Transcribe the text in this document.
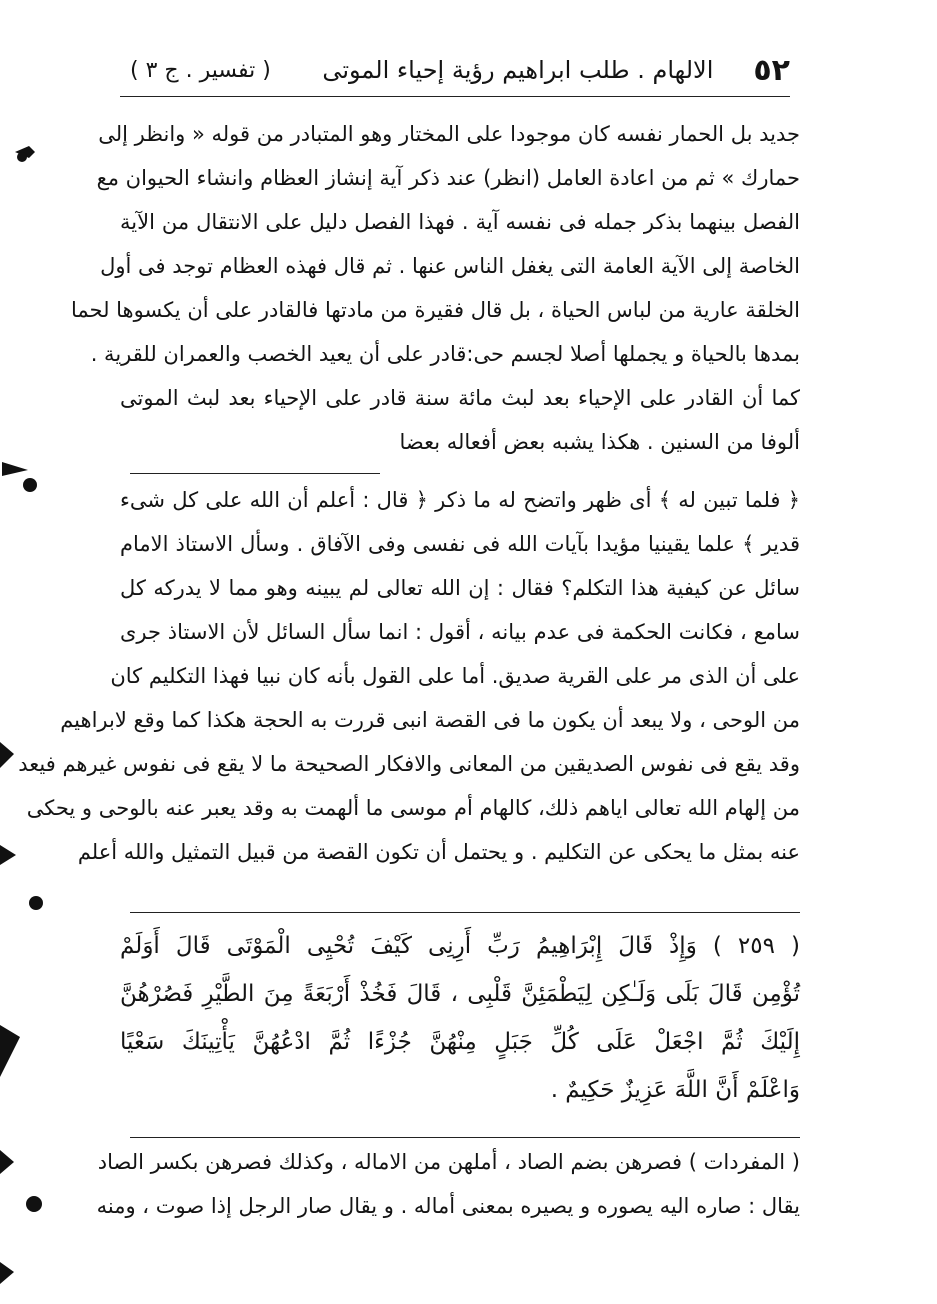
٥٢
الالهام . طلب ابراهيم رؤية إحياء الموتى
( تفسير . ج ٣ )
جديد بل الحمار نفسه كان موجودا على المختار وهو المتبادر من قوله « وانظر إلى
حمارك » ثم من اعادة العامل (انظر) عند ذكر آية إنشاز العظام وانشاء الحيوان مع
الفصل بينهما بذكر جمله فى نفسه آية . فهذا الفصل دليل على الانتقال من الآية
الخاصة إلى الآية العامة التى يغفل الناس عنها . ثم قال فهذه العظام توجد فى أول
الخلقة عارية من لباس الحياة ، بل قال فقيرة من مادتها فالقادر على أن يكسوها لحما
بمدها بالحياة و يجملها أصلا لجسم حى:قادر على أن يعيد الخصب والعمران للقرية .
كما أن القادر على الإحياء بعد لبث مائة سنة قادر على الإحياء بعد لبث الموتى
ألوفا من السنين . هكذا يشبه بعض أفعاله بعضا
﴿ فلما تبين له ﴾ أى ظهر واتضح له ما ذكر ﴿ قال : أعلم أن الله على كل شىء
قدير ﴾ علما يقينيا مؤيدا بآيات الله فى نفسى وفى الآفاق . وسأل الاستاذ الامام
سائل عن كيفية هذا التكلم؟ فقال : إن الله تعالى لم يبينه وهو مما لا يدركه كل
سامع ، فكانت الحكمة فى عدم بيانه ، أقول : انما سأل السائل لأن الاستاذ جرى
على أن الذى مر على القرية صديق. أما على القول بأنه كان نبيا فهذا التكليم كان
من الوحى ، ولا يبعد أن يكون ما فى القصة انبى قررت به الحجة هكذا كما وقع لابراهيم
وقد يقع فى نفوس الصديقين من المعانى والافكار الصحيحة ما لا يقع فى نفوس غيرهم فيعد
من إلهام الله تعالى اياهم ذلك، كالهام أم موسى ما ألهمت به وقد يعبر عنه بالوحى و يحكى
عنه بمثل ما يحكى عن التكليم . و يحتمل أن تكون القصة من قبيل التمثيل والله أعلم
( ٢٥٩ ) وَإِذْ قَالَ إِبْرَاهِيمُ رَبِّ أَرِنِى كَيْفَ تُحْيِى الْمَوْتَى قَالَ أَوَلَمْ
تُؤْمِن قَالَ بَلَى وَلَـٰكِن لِيَطْمَئِنَّ قَلْبِى ، قَالَ فَخُذْ أَرْبَعَةً مِنَ الطَّيْرِ فَصُرْهُنَّ
إِلَيْكَ ثُمَّ اجْعَلْ عَلَى كُلِّ جَبَلٍ مِنْهُنَّ جُزْءًا ثُمَّ ادْعُهُنَّ يَأْتِينَكَ سَعْيًا
وَاعْلَمْ أَنَّ اللَّهَ عَزِيزٌ حَكِيمٌ .
( المفردات ) فصرهن بضم الصاد ، أملهن من الاماله ، وكذلك فصرهن بكسر الصاد
يقال : صاره اليه يصوره و يصيره بمعنى أماله . و يقال صار الرجل إذا صوت ، ومنه
